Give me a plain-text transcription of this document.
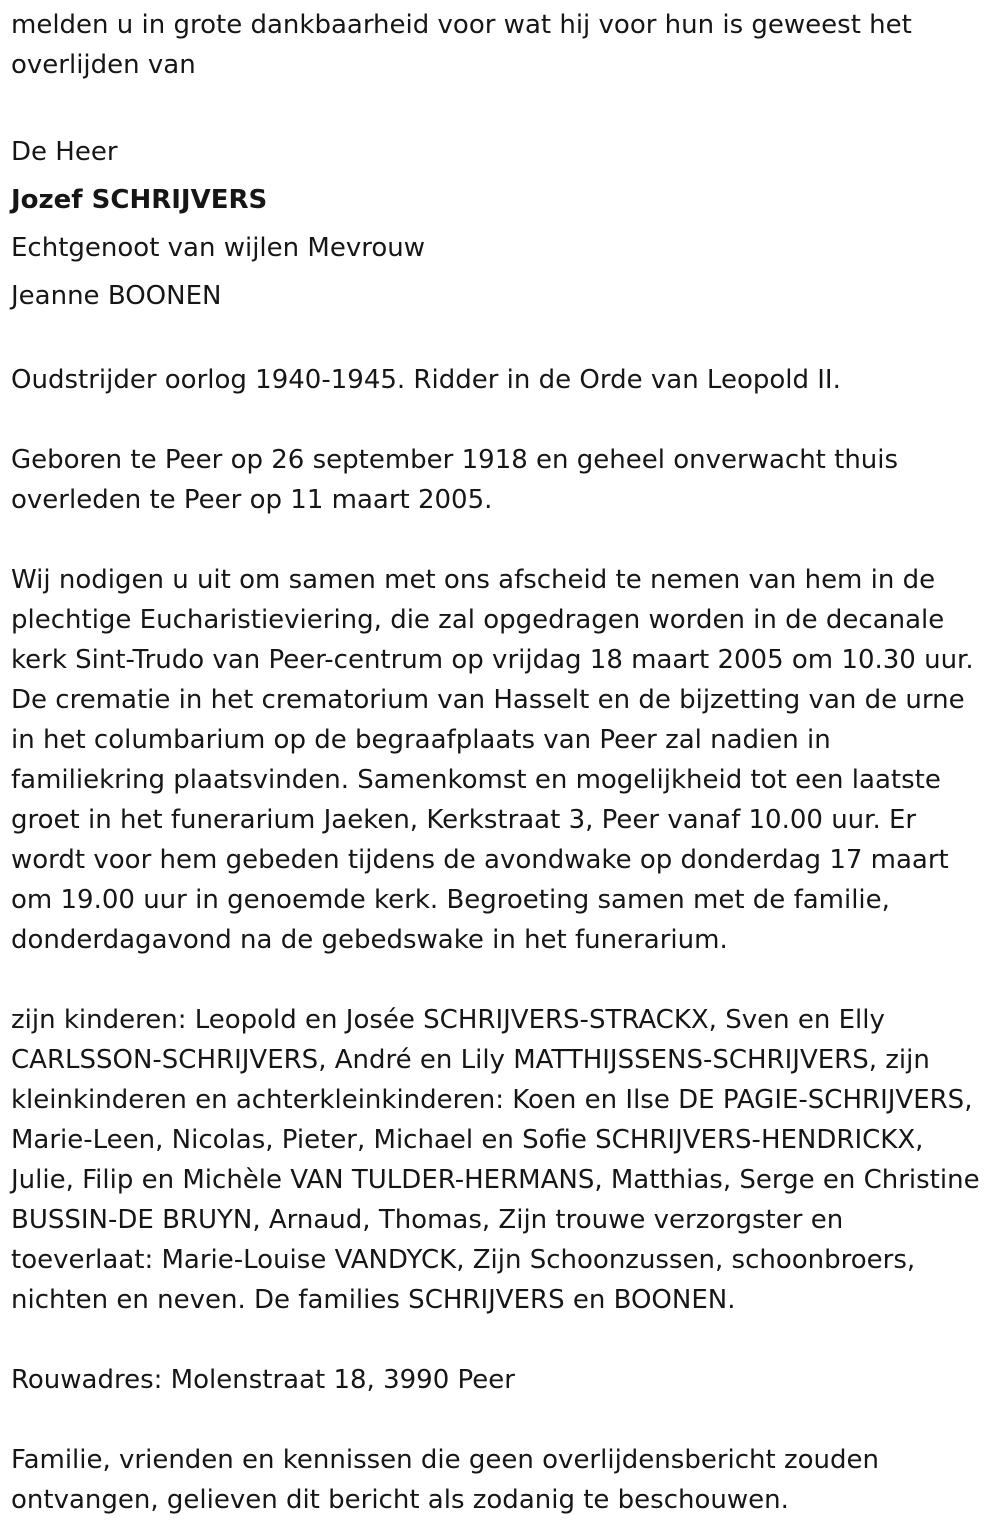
melden u in grote dankbaarheid voor wat hij voor hun is geweest het overlijden van

De Heer

Jozef SCHRIJVERS

Echtgenoot van wijlen Mevrouw

Jeanne BOONEN

Oudstrijder oorlog 1940-1945. Ridder in de Orde van Leopold II.

Geboren te Peer op 26 september 1918 en geheel onverwacht thuis overleden te Peer op 11 maart 2005.

Wij nodigen u uit om samen met ons afscheid te nemen van hem in de plechtige Eucharistieviering, die zal opgedragen worden in de decanale kerk Sint-Trudo van Peer-centrum op vrijdag 18 maart 2005 om 10.30 uur. De crematie in het crematorium van Hasselt en de bijzetting van de urne in het columbarium op de begraafplaats van Peer zal nadien in familiekring plaatsvinden. Samenkomst en mogelijkheid tot een laatste groet in het funerarium Jaeken, Kerkstraat 3, Peer vanaf 10.00 uur. Er wordt voor hem gebeden tijdens de avondwake op donderdag 17 maart om 19.00 uur in genoemde kerk. Begroeting samen met de familie, donderdagavond na de gebedswake in het funerarium.

zijn kinderen: Leopold en Josée SCHRIJVERS-STRACKX, Sven en Elly CARLSSON-SCHRIJVERS, André en Lily MATTHIJSSENS-SCHRIJVERS, zijn kleinkinderen en achterkleinkinderen: Koen en Ilse DE PAGIE-SCHRIJVERS, Marie-Leen, Nicolas, Pieter, Michael en Sofie SCHRIJVERS-HENDRICKX, Julie, Filip en Michèle VAN TULDER-HERMANS, Matthias, Serge en Christine BUSSIN-DE BRUYN, Arnaud, Thomas, Zijn trouwe verzorgster en toeverlaat: Marie-Louise VANDYCK, Zijn Schoonzussen, schoonbroers, nichten en neven. De families SCHRIJVERS en BOONEN.

Rouwadres: Molenstraat 18, 3990 Peer

Familie, vrienden en kennissen die geen overlijdensbericht zouden ontvangen, gelieven dit bericht als zodanig te beschouwen.
